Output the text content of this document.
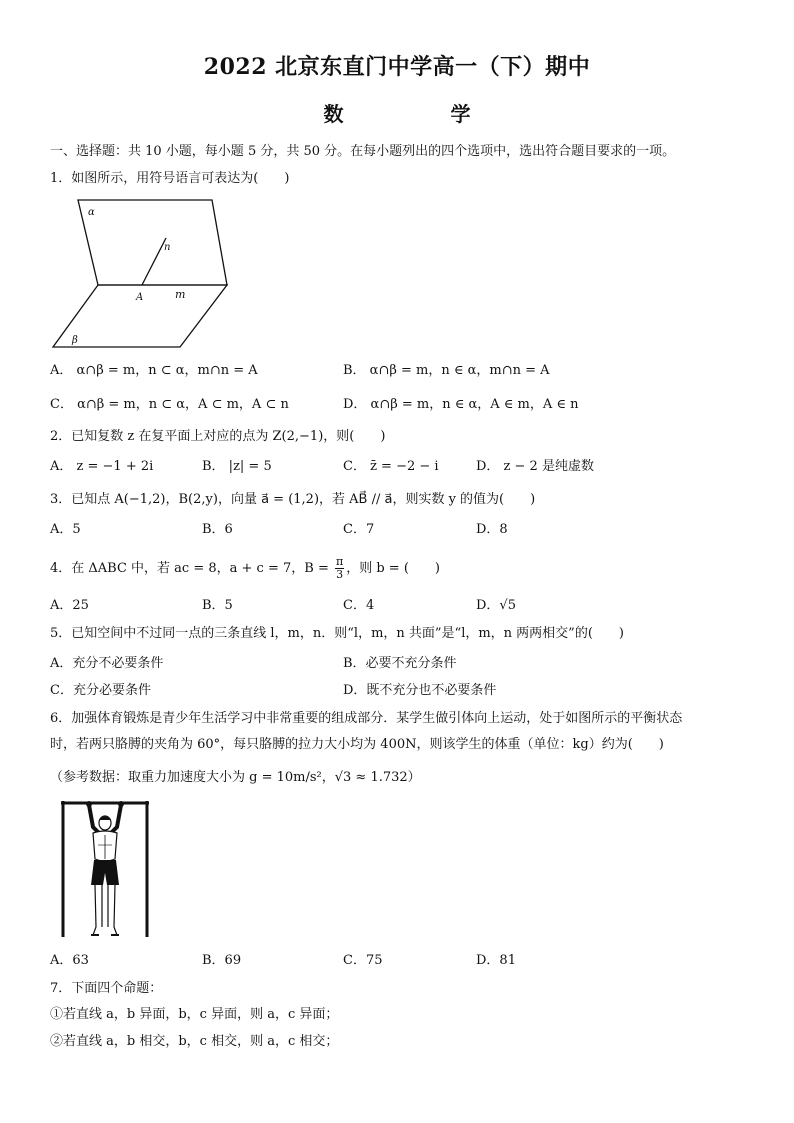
2022 北京东直门中学高一（下）期中
数 学
一、选择题：共 10 小题，每小题 5 分，共 50 分。在每小题列出的四个选项中，选出符合题目要求的一项。
1．如图所示，用符号语言可表达为(　　)
α
n
A	m
β
A． α∩β = m，n ⊂ α，m∩n = A	B． α∩β = m，n ∈ α，m∩n = A
C． α∩β = m，n ⊂ α，A ⊂ m，A ⊂ n	D． α∩β = m，n ∈ α，A ∈ m，A ∈ n
2．已知复数 z 在复平面上对应的点为 Z(2,−1)，则(　　)
A． z = −1 + 2i	B． |z| = 5	C． z̄ = −2 − i	D． z − 2 是纯虚数
3．已知点 A(−1,2)，B(2,y)，向量 a⃗ = (1,2)，若 AB⃗ // a⃗，则实数 y 的值为(　　)
A．5	B．6	C．7	D．8
4．在 ΔABC 中，若 ac = 8，a + c = 7，$B = \frac{\pi}{3}$ ，则 b = (　　)
A．25	B．5	C．4	D．√5
5．已知空间中不过同一点的三条直线 l，m，n．则“l，m，n 共面”是“l，m，n 两两相交”的(　　)
A．充分不必要条件	B．必要不充分条件
C．充分必要条件	D．既不充分也不必要条件
6．加强体育锻炼是青少年生活学习中非常重要的组成部分．某学生做引体向上运动，处于如图所示的平衡状态
时，若两只胳膊的夹角为 60°，每只胳膊的拉力大小均为 400N，则该学生的体重（单位：kg）约为(　　)
（参考数据：取重力加速度大小为 g = 10m/s²，√3 ≈ 1.732）
A．63	B．69	C．75	D．81
7．下面四个命题：
①若直线 a，b 异面，b，c 异面，则 a，c 异面；
②若直线 a，b 相交，b，c 相交，则 a，c 相交；
